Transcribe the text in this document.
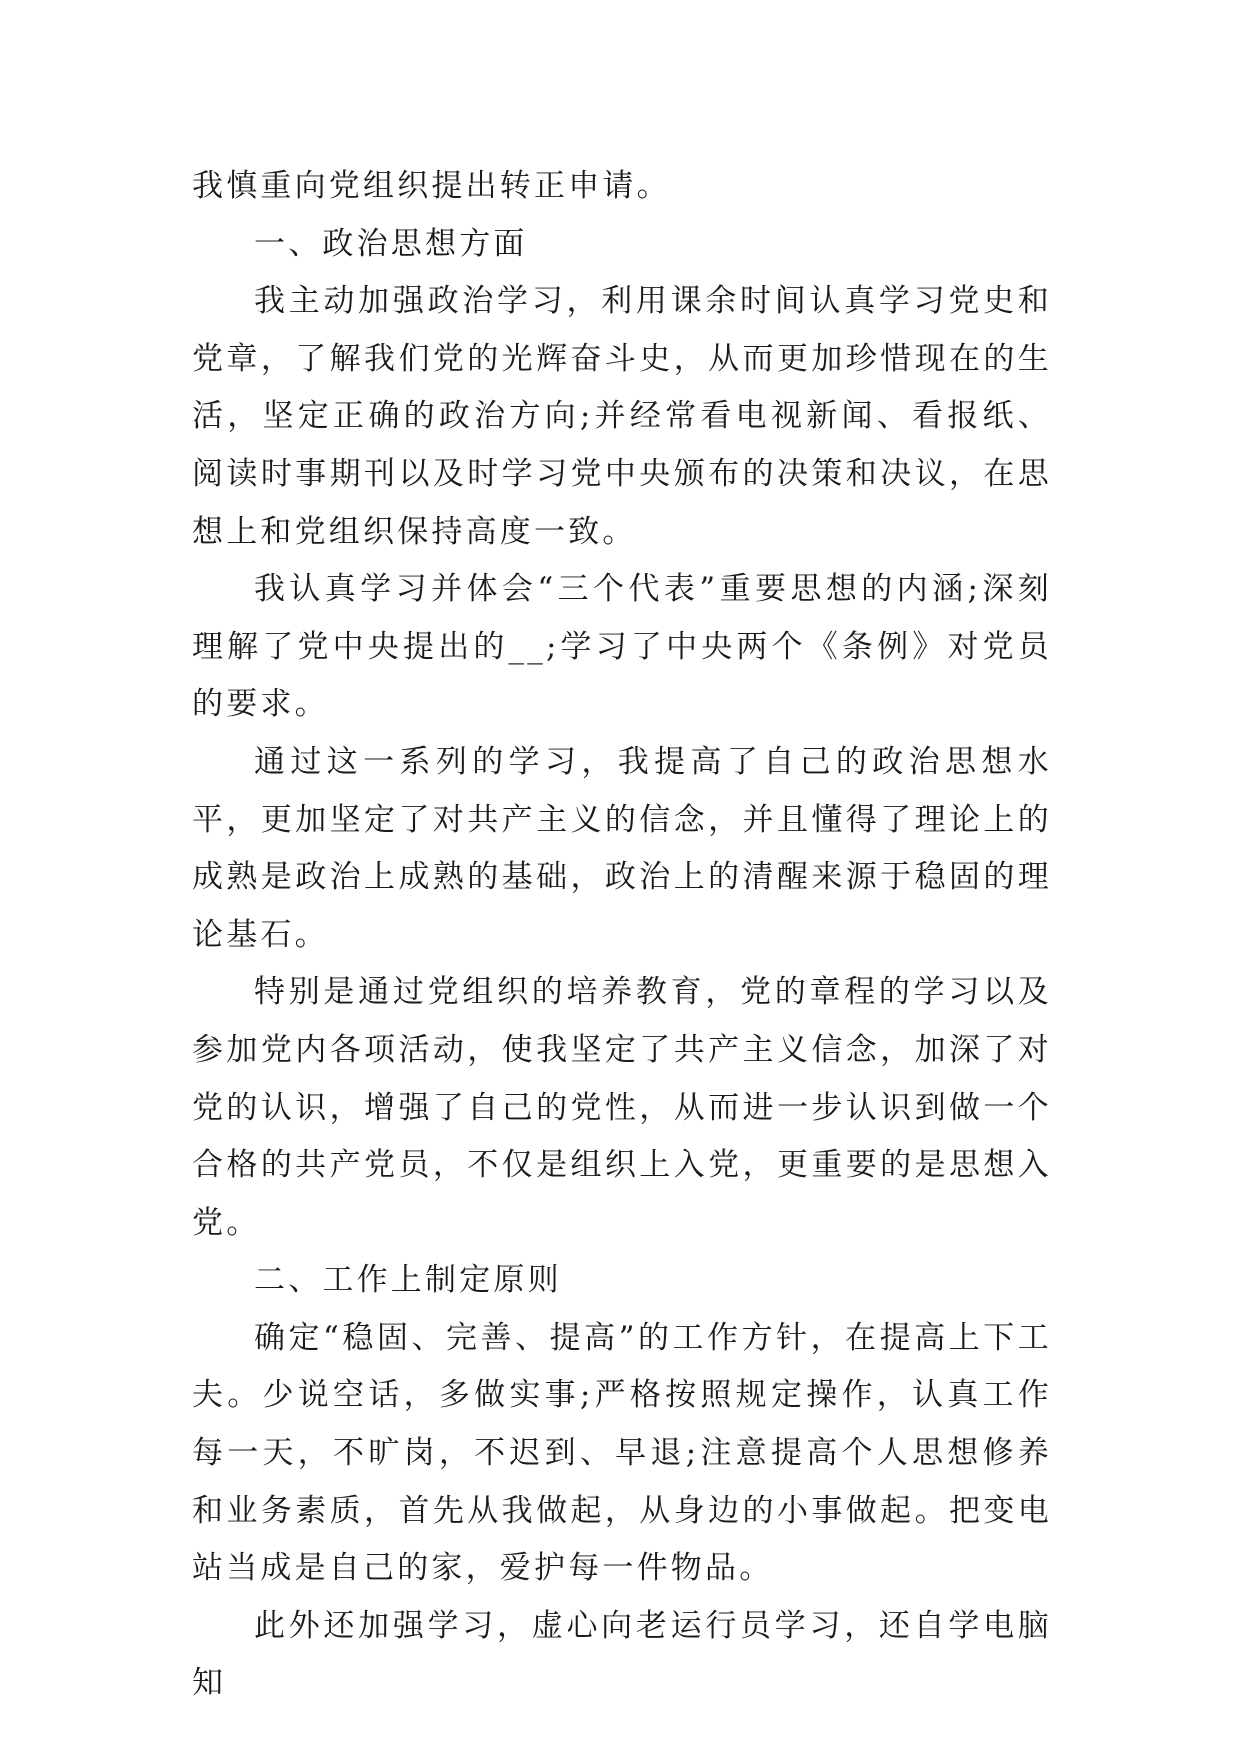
我慎重向党组织提出转正申请。

一、政治思想方面

我主动加强政治学习，利用课余时间认真学习党史和党章，了解我们党的光辉奋斗史，从而更加珍惜现在的生活，坚定正确的政治方向;并经常看电视新闻、看报纸、阅读时事期刊以及时学习党中央颁布的决策和决议，在思想上和党组织保持高度一致。

我认真学习并体会“三个代表”重要思想的内涵;深刻理解了党中央提出的__;学习了中央两个《条例》对党员的要求。

通过这一系列的学习，我提高了自己的政治思想水平，更加坚定了对共产主义的信念，并且懂得了理论上的成熟是政治上成熟的基础，政治上的清醒来源于稳固的理论基石。

特别是通过党组织的培养教育，党的章程的学习以及参加党内各项活动，使我坚定了共产主义信念，加深了对党的认识，增强了自己的党性，从而进一步认识到做一个合格的共产党员，不仅是组织上入党，更重要的是思想入党。

二、工作上制定原则

确定“稳固、完善、提高”的工作方针，在提高上下工夫。少说空话，多做实事;严格按照规定操作，认真工作每一天，不旷岗，不迟到、早退;注意提高个人思想修养和业务素质，首先从我做起，从身边的小事做起。把变电站当成是自己的家，爱护每一件物品。

此外还加强学习，虚心向老运行员学习，还自学电脑知
